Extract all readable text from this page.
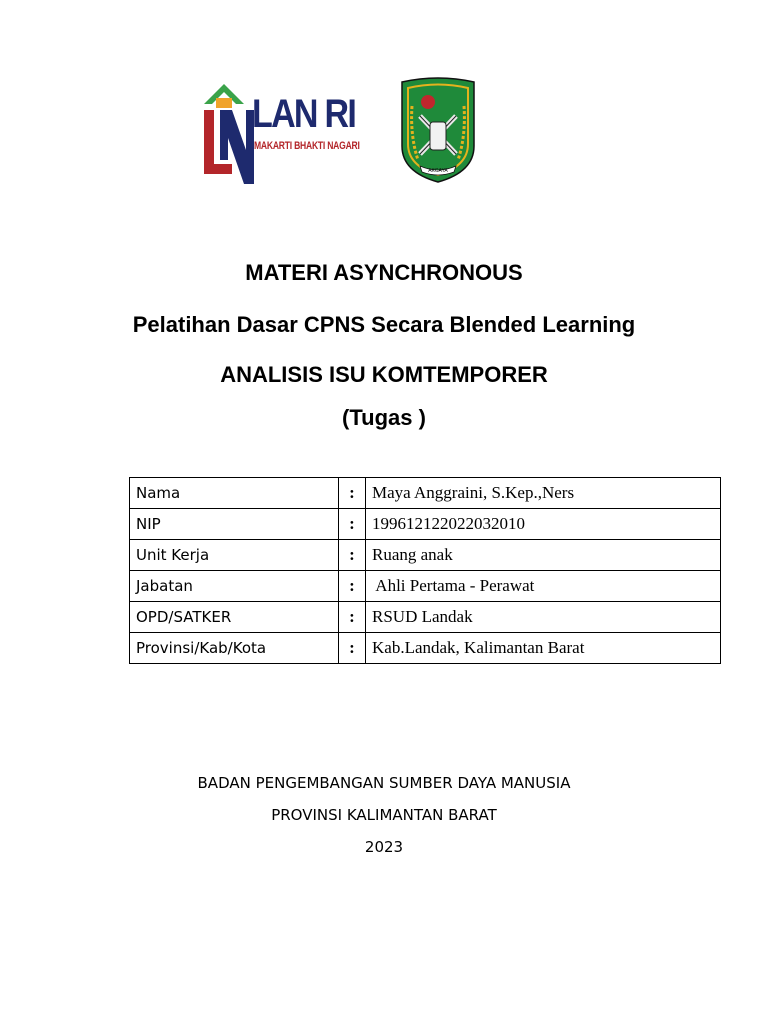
LAN RI
MAKARTI BHAKTI NAGARI
AKCAYA
MATERI ASYNCHRONOUS
Pelatihan Dasar CPNS Secara Blended Learning
ANALISIS ISU KOMTEMPORER
(Tugas )
Nama	:	Maya Anggraini, S.Kep.,Ners
NIP	:	199612122022032010
Unit Kerja	:	Ruang anak
Jabatan	:	Ahli Pertama - Perawat
OPD/SATKER	:	RSUD Landak
Provinsi/Kab/Kota	:	Kab.Landak, Kalimantan Barat
BADAN PENGEMBANGAN SUMBER DAYA MANUSIA
PROVINSI KALIMANTAN BARAT
2023
